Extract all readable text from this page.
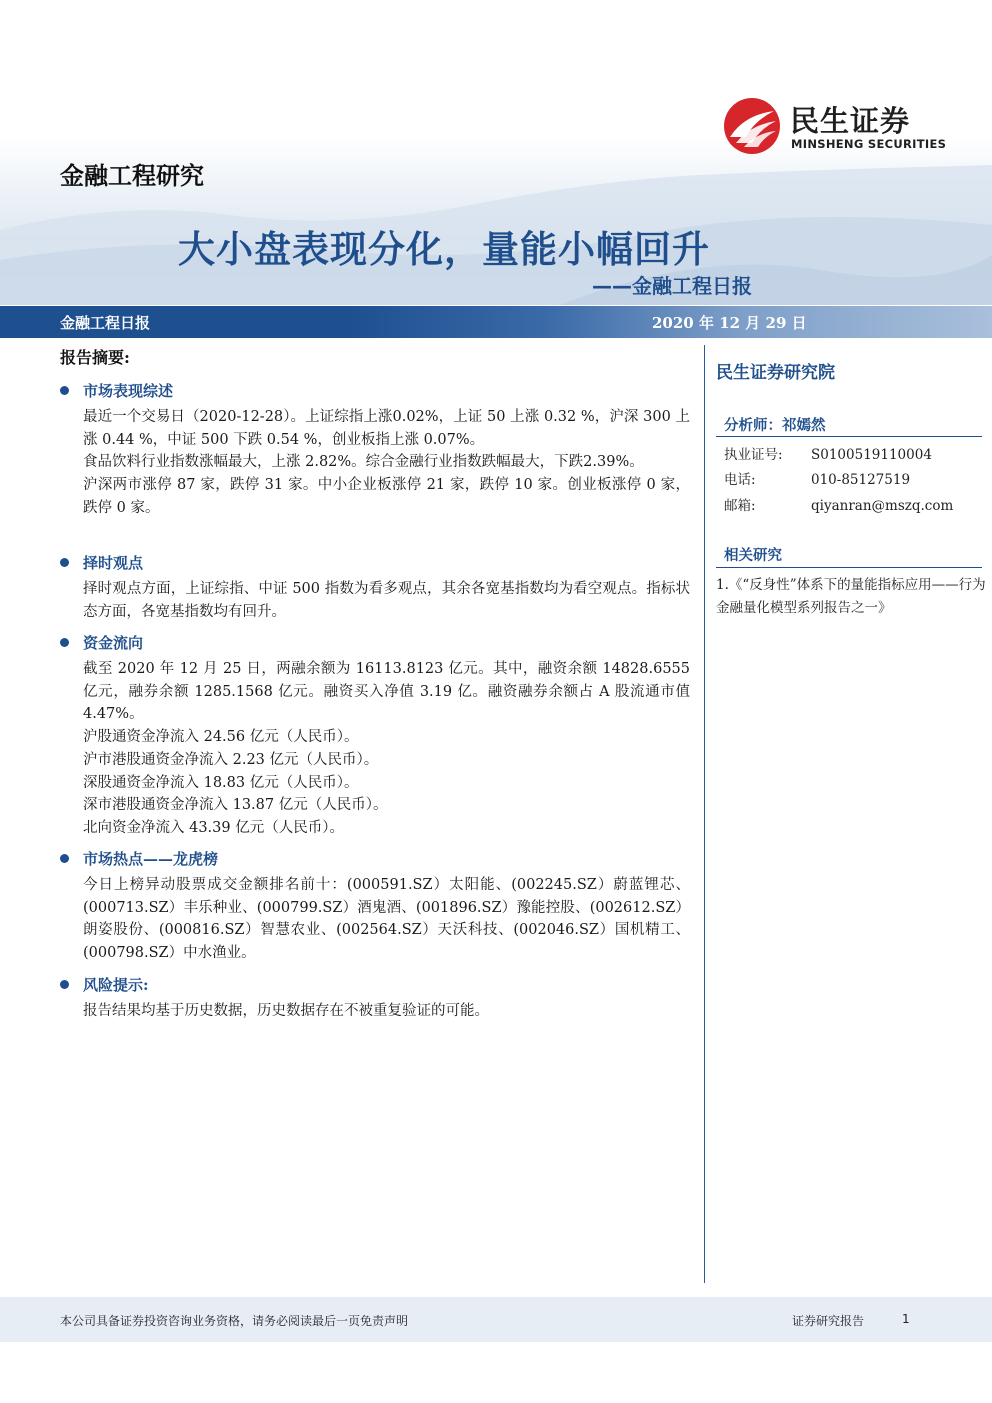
民生证券
MINSHENG SECURITIES
金融工程研究
大小盘表现分化，量能小幅回升
——金融工程日报
金融工程日报	2020 年 12 月 29 日
报告摘要:
市场表现综述
最近一个交易日（2020-12-28）。上证综指上涨0.02%，上证 50 上涨 0.32 %，沪深 300 上涨 0.44 %，中证 500 下跌 0.54 %，创业板指上涨 0.07%。
食品饮料行业指数涨幅最大，上涨 2.82%。综合金融行业指数跌幅最大，下跌2.39%。
沪深两市涨停 87 家，跌停 31 家。中小企业板涨停 21 家，跌停 10 家。创业板涨停 0 家，跌停 0 家。
择时观点
择时观点方面，上证综指、中证 500 指数为看多观点，其余各宽基指数均为看空观点。指标状态方面，各宽基指数均有回升。
资金流向
截至 2020 年 12 月 25 日，两融余额为 16113.8123 亿元。其中，融资余额 14828.6555 亿元，融券余额 1285.1568 亿元。融资买入净值 3.19 亿。融资融券余额占 A 股流通市值 4.47%。
沪股通资金净流入 24.56 亿元（人民币）。
沪市港股通资金净流入 2.23 亿元（人民币）。
深股通资金净流入 18.83 亿元（人民币）。
深市港股通资金净流入 13.87 亿元（人民币）。
北向资金净流入 43.39 亿元（人民币）。
市场热点——龙虎榜
今日上榜异动股票成交金额排名前十：(000591.SZ）太阳能、(002245.SZ）蔚蓝锂芯、(000713.SZ）丰乐种业、(000799.SZ）酒鬼酒、(001896.SZ）豫能控股、(002612.SZ）朗姿股份、(000816.SZ）智慧农业、(002564.SZ）天沃科技、(002046.SZ）国机精工、(000798.SZ）中水渔业。
风险提示:
报告结果均基于历史数据，历史数据存在不被重复验证的可能。
民生证券研究院
分析师：祁嫣然
执业证号: S0100519110004
电话:	010-85127519
邮箱:	qiyanran@mszq.com
相关研究
1.《“反身性”体系下的量能指标应用——行为金融量化模型系列报告之一》
本公司具备证券投资咨询业务资格，请务必阅读最后一页免责声明	证券研究报告	1
